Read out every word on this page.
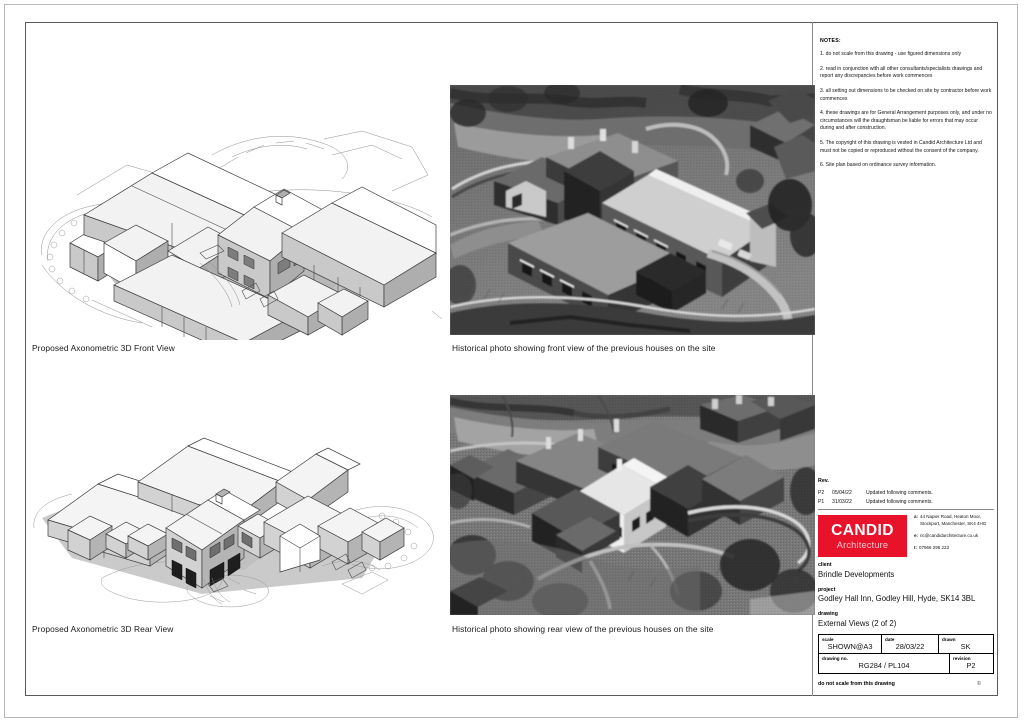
Proposed Axonometric 3D Front View	Historical photo showing front view of the previous houses on the site
Proposed Axonometric 3D Rear View	Historical photo showing rear view of the previous houses on the site
NOTES:
1. do not scale from this drawing - use figured dimensions only
2. read in conjunction with all other consultants/specialists drawings and report any discrepancies before work commences
3. all setting out dimensions to be checked on site by contractor before work commences
4. these drawings are for General Arrangement purposes only, and under no circumstances will the draughtsman be liable for errors that may occur during and after construction.
5. The copyright of this drawing is vested in Candid Architecture Ltd and must not be copied or reproduced without the consent of the company.
6. Site plan based on ordinance survey information.
Rev.
P2	05/04/22	Updated following comments.
P1	31/03/22	Updated following comments.
CANDID
Architecture
a: 44 Napier Road, Heaton Moor, Stockport, Manchester, SK4 4HG
e: ric@candidarchitecture.co.uk
t: 07966 295 223
client
Brindle Developments
project
Godley Hall Inn, Godley Hill, Hyde, SK14 3BL
drawing
External Views (2 of 2)
scale
SHOWN@A3
date
28/03/22
drawn
SK
drawing no.
RG284 / PL104
revision
P2
do not scale from this drawing	©
